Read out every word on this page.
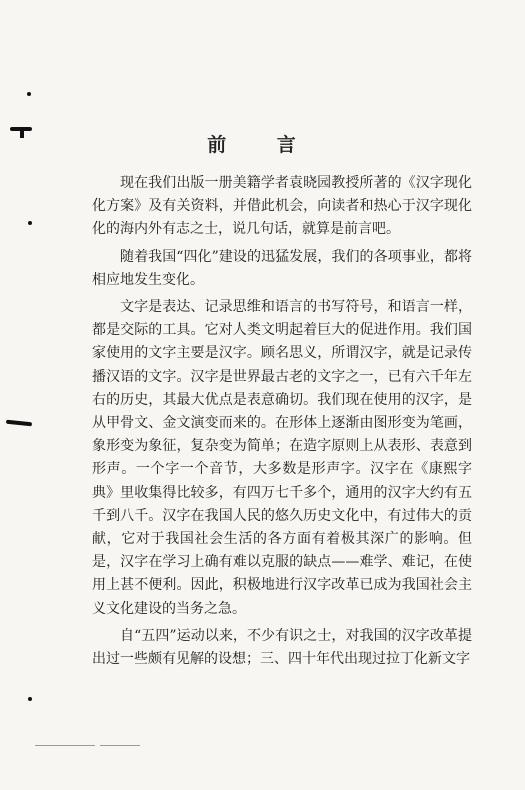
前 言

现在我们出版一册美籍学者袁晓园教授所著的《汉字现化化方案》及有关资料，并借此机会，向读者和热心于汉字现化化的海内外有志之士，说几句话，就算是前言吧。

随着我国“四化”建设的迅猛发展，我们的各项事业，都将相应地发生变化。

文字是表达、记录思维和语言的书写符号，和语言一样，都是交际的工具。它对人类文明起着巨大的促进作用。我们国家使用的文字主要是汉字。顾名思义，所谓汉字，就是记录传播汉语的文字。汉字是世界最古老的文字之一，已有六千年左右的历史，其最大优点是表意确切。我们现在使用的汉字，是从甲骨文、金文演变而来的。在形体上逐渐由图形变为笔画，象形变为象征，复杂变为简单；在造字原则上从表形、表意到形声。一个字一个音节，大多数是形声字。汉字在《康熙字典》里收集得比较多，有四万七千多个，通用的汉字大约有五千到八千。汉字在我国人民的悠久历史文化中，有过伟大的贡献，它对于我国社会生活的各方面有着极其深广的影响。但是，汉字在学习上确有难以克服的缺点——难学、难记，在使用上甚不便利。因此，积极地进行汉字改革已成为我国社会主义文化建设的当务之急。

自“五四”运动以来，不少有识之士，对我国的汉字改革提出过一些颇有见解的设想；三、四十年代出现过拉丁化新文字
